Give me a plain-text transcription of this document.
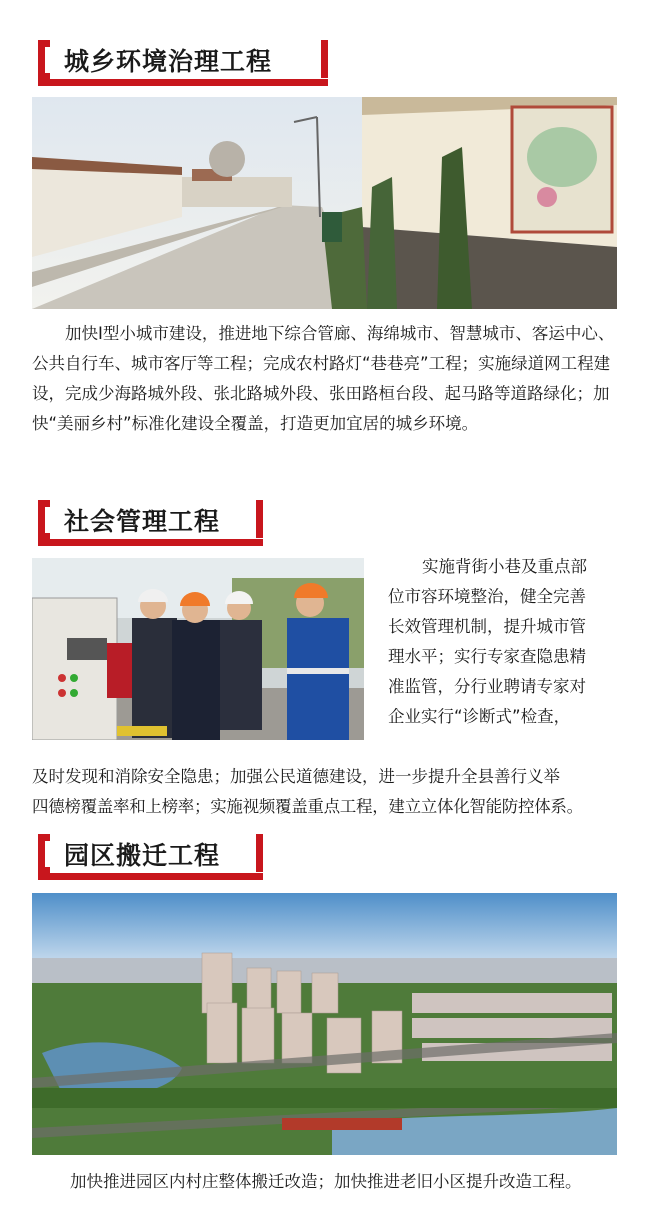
城乡环境治理工程

加快Ⅰ型小城市建设，推进地下综合管廊、海绵城市、智慧城市、客运中心、公共自行车、城市客厅等工程；完成农村路灯“巷巷亮”工程；实施绿道网工程建设，完成少海路城外段、张北路城外段、张田路桓台段、起马路等道路绿化；加快“美丽乡村”标准化建设全覆盖，打造更加宜居的城乡环境。

社会管理工程
实施背街小巷及重点部
位市容环境整治，健全完善
长效管理机制，提升城市管
理水平；实行专家查隐患精
准监管，分行业聘请专家对
企业实行“诊断式”检查，
及时发现和消除安全隐患；加强公民道德建设，进一步提升全县善行义举
四德榜覆盖率和上榜率；实施视频覆盖重点工程，建立立体化智能防控体系。
园区搬迁工程

加快推进园区内村庄整体搬迁改造；加快推进老旧小区提升改造工程。
